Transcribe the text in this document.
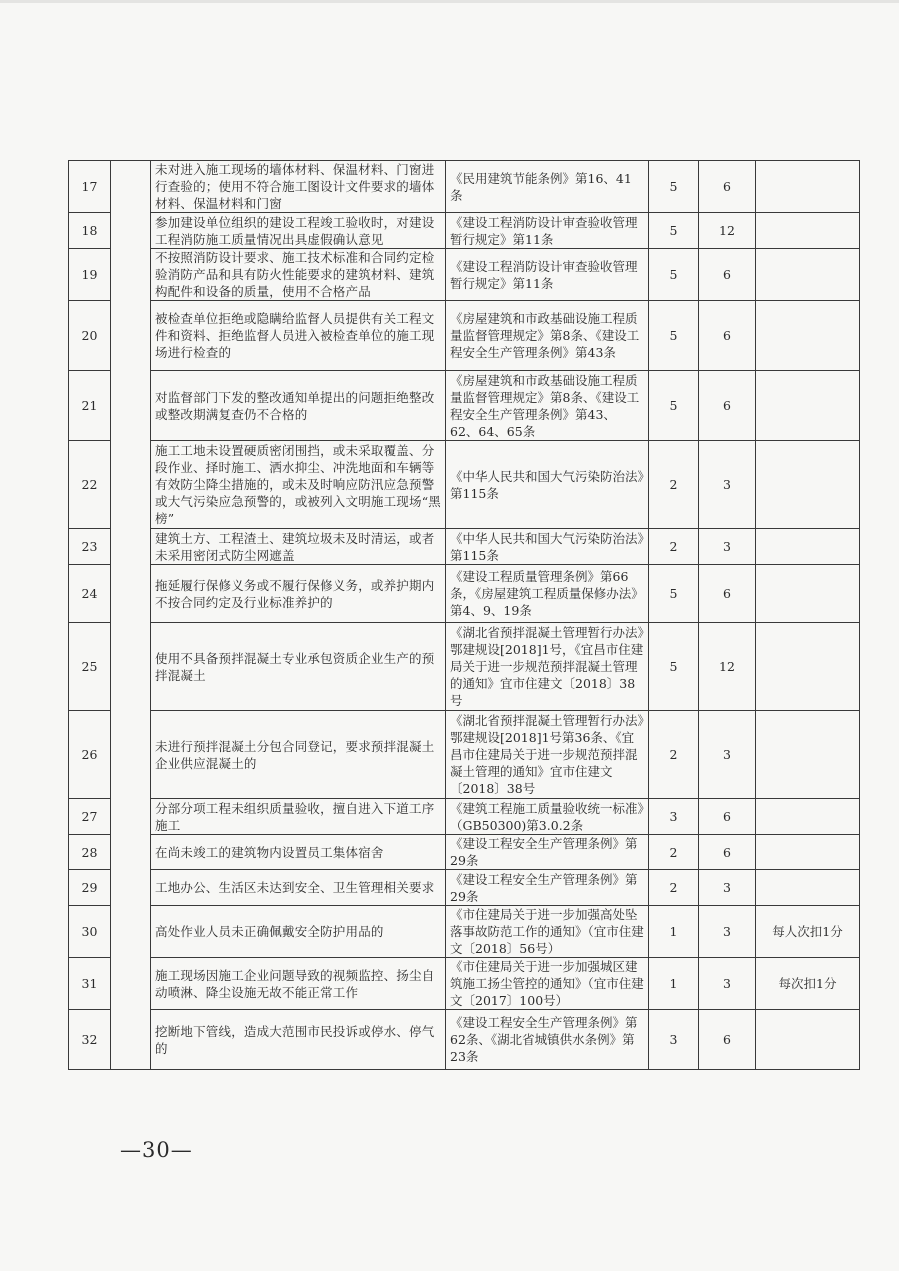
17		未对进入施工现场的墙体材料、保温材料、门窗进行查验的；使用不符合施工图设计文件要求的墙体材料、保温材料和门窗	《民用建筑节能条例》第16、41条	5	6	
18		参加建设单位组织的建设工程竣工验收时，对建设工程消防施工质量情况出具虚假确认意见	《建设工程消防设计审查验收管理暂行规定》第11条	5	12	
19		不按照消防设计要求、施工技术标准和合同约定检验消防产品和具有防火性能要求的建筑材料、建筑构配件和设备的质量，使用不合格产品	《建设工程消防设计审查验收管理暂行规定》第11条	5	6	
20		被检查单位拒绝或隐瞒给监督人员提供有关工程文件和资料、拒绝监督人员进入被检查单位的施工现场进行检查的	《房屋建筑和市政基础设施工程质量监督管理规定》第8条、《建设工程安全生产管理条例》第43条	5	6	
21		对监督部门下发的整改通知单提出的问题拒绝整改或整改期满复查仍不合格的	《房屋建筑和市政基础设施工程质量监督管理规定》第8条、《建设工程安全生产管理条例》第43、62、64、65条	5	6	
22		施工工地未设置硬质密闭围挡，或未采取覆盖、分段作业、择时施工、洒水抑尘、冲洗地面和车辆等有效防尘降尘措施的，或未及时响应防汛应急预警或大气污染应急预警的，或被列入文明施工现场“黑榜”	《中华人民共和国大气污染防治法》第115条	2	3	
23		建筑土方、工程渣土、建筑垃圾未及时清运，或者未采用密闭式防尘网遮盖	《中华人民共和国大气污染防治法》第115条	2	3	
24		拖延履行保修义务或不履行保修义务，或养护期内不按合同约定及行业标准养护的	《建设工程质量管理条例》第66条，《房屋建筑工程质量保修办法》第4、9、19条	5	6	
25		使用不具备预拌混凝土专业承包资质企业生产的预拌混凝土	《湖北省预拌混凝土管理暂行办法》鄂建规设[2018]1号，《宜昌市住建局关于进一步规范预拌混凝土管理的通知》宜市住建文〔2018〕38号	5	12	
26		未进行预拌混凝土分包合同登记，要求预拌混凝土企业供应混凝土的	《湖北省预拌混凝土管理暂行办法》鄂建规设[2018]1号第36条、《宜昌市住建局关于进一步规范预拌混凝土管理的通知》宜市住建文〔2018〕38号	2	3	
27		分部分项工程未组织质量验收，擅自进入下道工序施工	《建筑工程施工质量验收统一标准》（GB50300)第3.0.2条	3	6	
28		在尚未竣工的建筑物内设置员工集体宿舍	《建设工程安全生产管理条例》第29条	2	6	
29		工地办公、生活区未达到安全、卫生管理相关要求	《建设工程安全生产管理条例》第29条	2	3	
30		高处作业人员未正确佩戴安全防护用品的	《市住建局关于进一步加强高处坠落事故防范工作的通知》（宜市住建文〔2018〕56号）	1	3	每人次扣1分
31		施工现场因施工企业问题导致的视频监控、扬尘自动喷淋、降尘设施无故不能正常工作	《市住建局关于进一步加强城区建筑施工扬尘管控的通知》（宜市住建文〔2017〕100号）	1	3	每次扣1分
32		挖断地下管线，造成大范围市民投诉或停水、停气的	《建设工程安全生产管理条例》第62条、《湖北省城镇供水条例》第23条	3	6	
—30—
